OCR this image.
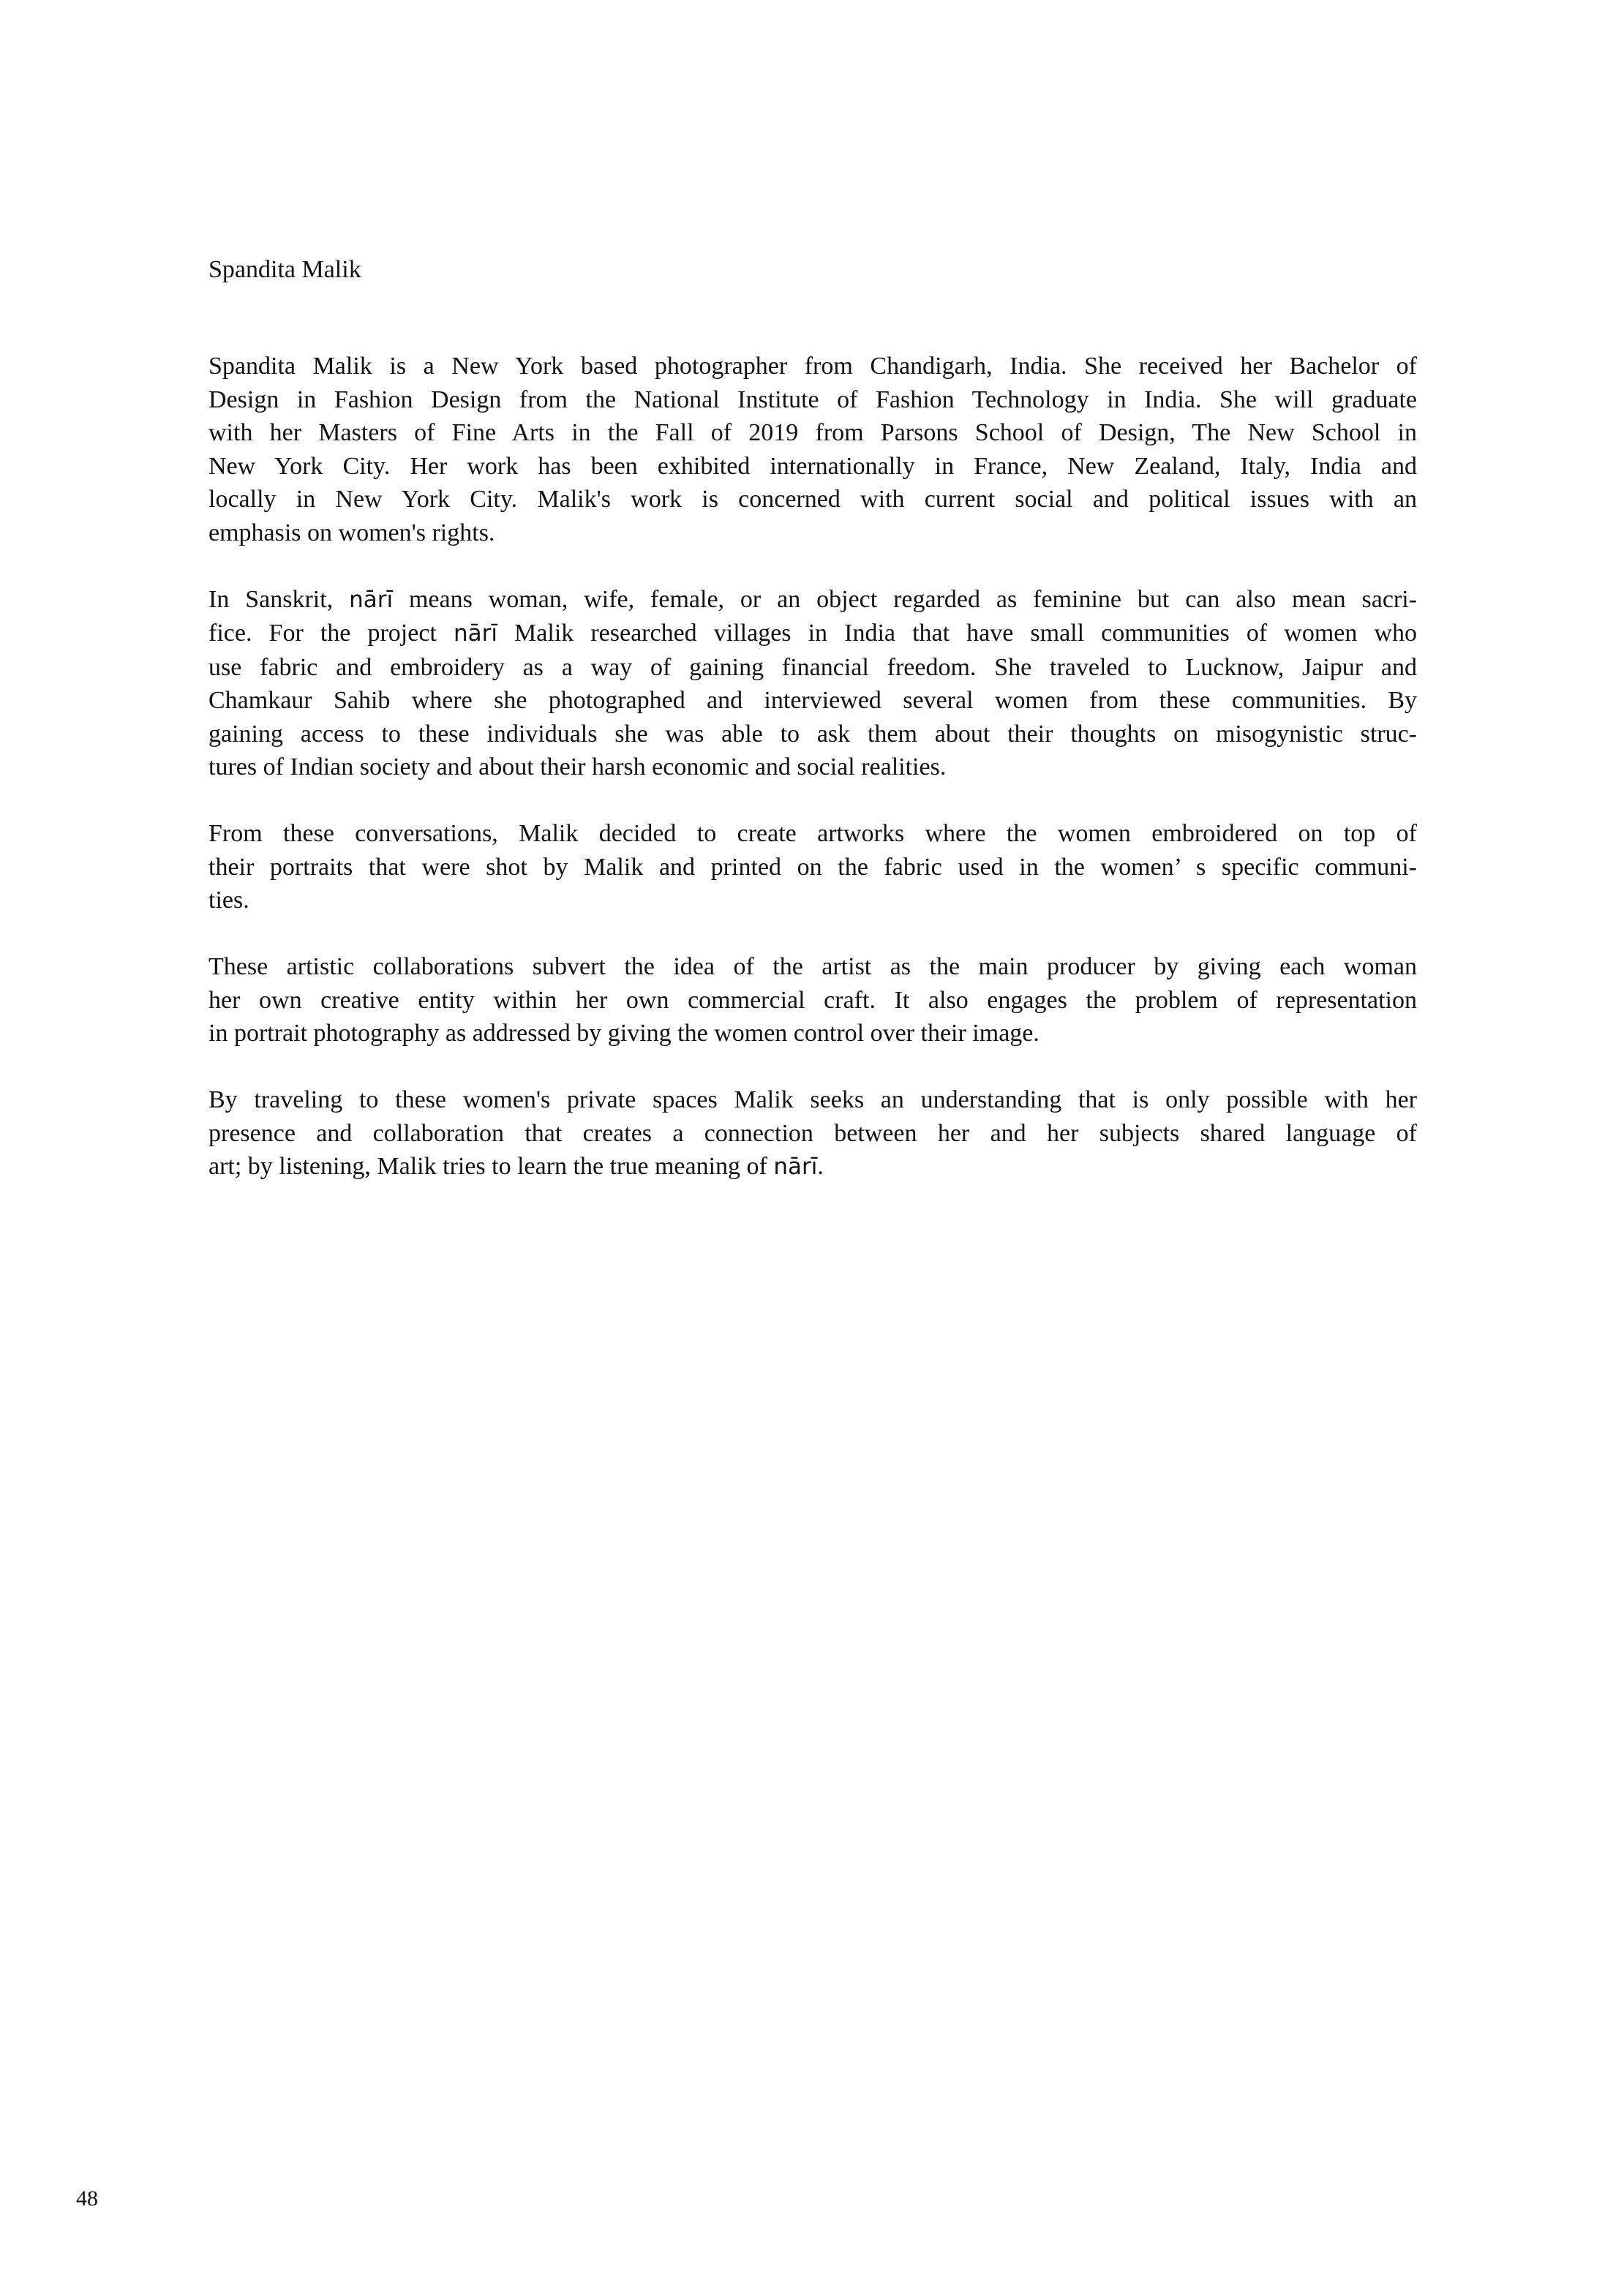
Spandita Malik

Spandita Malik is a New York based photographer from Chandigarh, India. She received her Bachelor of
Design in Fashion Design from the National Institute of Fashion Technology in India. She will graduate
with her Masters of Fine Arts in the Fall of 2019 from Parsons School of Design, The New School in
New York City. Her work has been exhibited internationally in France, New Zealand, Italy, India and
locally in New York City. Malik's work is concerned with current social and political issues with an
emphasis on women's rights.

In Sanskrit, nārī means woman, wife, female, or an object regarded as feminine but can also mean sacri-
fice. For the project nārī Malik researched villages in India that have small communities of women who
use fabric and embroidery as a way of gaining financial freedom. She traveled to Lucknow, Jaipur and
Chamkaur Sahib where she photographed and interviewed several women from these communities. By
gaining access to these individuals she was able to ask them about their thoughts on misogynistic struc-
tures of Indian society and about their harsh economic and social realities.

From these conversations, Malik decided to create artworks where the women embroidered on top of
their portraits that were shot by Malik and printed on the fabric used in the women’ s specific communi-
ties.

These artistic collaborations subvert the idea of the artist as the main producer by giving each woman
her own creative entity within her own commercial craft. It also engages the problem of representation
in portrait photography as addressed by giving the women control over their image.

By traveling to these women's private spaces Malik seeks an understanding that is only possible with her
presence and collaboration that creates a connection between her and her subjects shared language of
art; by listening, Malik tries to learn the true meaning of nārī.

48
